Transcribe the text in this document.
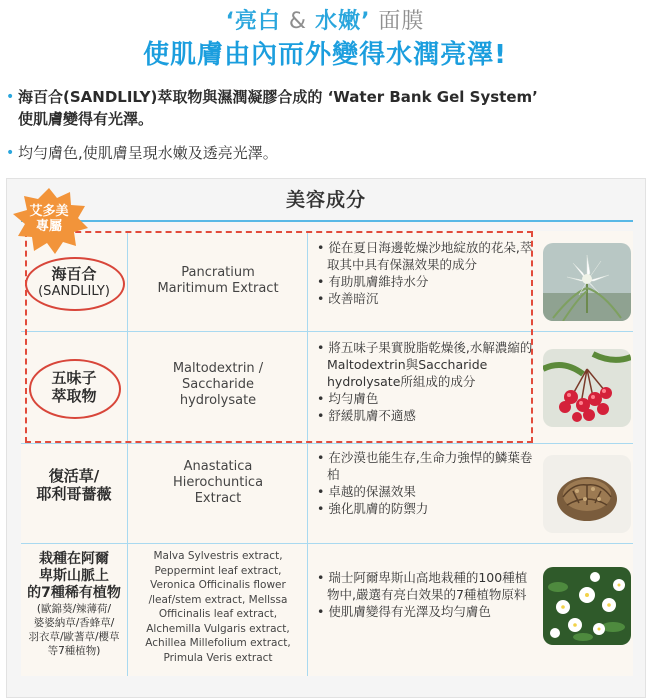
‘亮白 & 水嫩’ 面膜
使肌膚由內而外變得水潤亮澤!
• 海百合(SANDLILY)萃取物與濕潤凝膠合成的 ‘Water Bank Gel System’
使肌膚變得有光澤。
• 均勻膚色,使肌膚呈現水嫩及透亮光澤。
美容成分
海百合
(SANDLILY)
Pancratium
Maritimum Extract
• 從在夏日海邊乾燥沙地綻放的花朵,萃取其中具有保濕效果的成分
• 有助肌膚維持水分
• 改善暗沉
五味子
萃取物
Maltodextrin /
Saccharide
hydrolysate
• 將五味子果實脫脂乾燥後,水解濃縮的Maltodextrin與Saccharide hydrolysate所組成的成分
• 均勻膚色
• 舒緩肌膚不適感
復活草/
耶利哥薔薇
Anastatica
Hierochuntica
Extract
• 在沙漠也能生存,生命力強悍的鱗葉卷柏
• 卓越的保濕效果
• 強化肌膚的防禦力
栽種在阿爾
卑斯山脈上
的7種稀有植物
(歐錦葵/辣薄荷/
婆婆納草/香蜂草/
羽衣草/歐蓍草/櫻草
等7種植物)
Malva Sylvestris extract,
Peppermint leaf extract,
Veronica Officinalis flower
/leaf/stem extract, Mellssa
Officinalis leaf extract,
Alchemilla Vulgaris extract,
Achillea Millefolium extract,
Primula Veris extract
• 瑞士阿爾卑斯山高地栽種的100種植物中,嚴選有亮白效果的7種植物原料
• 使肌膚變得有光澤及均勻膚色
艾多美
專屬
